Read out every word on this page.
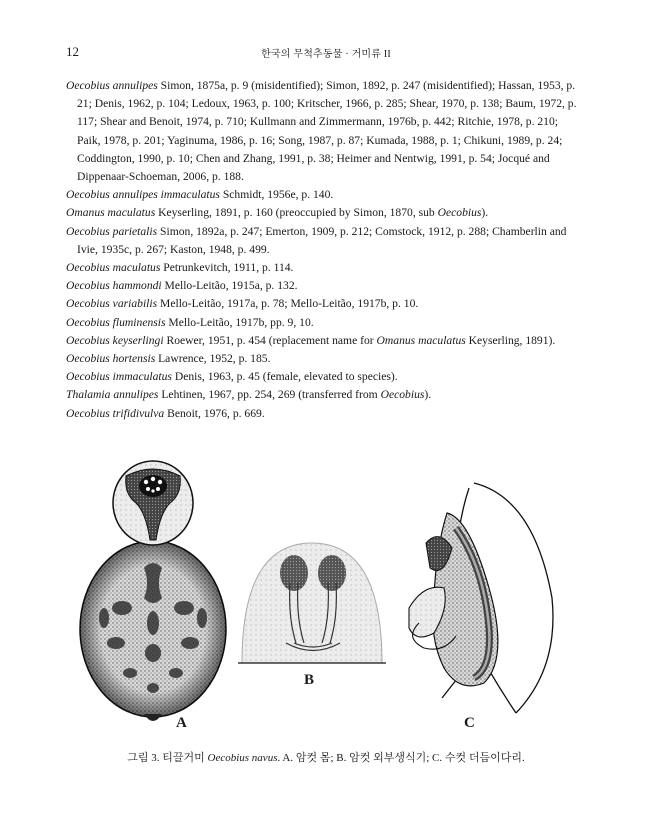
12	한국의 무척추동물 · 거미류 II
Oecobius annulipes Simon, 1875a, p. 9 (misidentified); Simon, 1892, p. 247 (misidentified); Hassan, 1953, p. 21; Denis, 1962, p. 104; Ledoux, 1963, p. 100; Kritscher, 1966, p. 285; Shear, 1970, p. 138; Baum, 1972, p. 117; Shear and Benoit, 1974, p. 710; Kullmann and Zimmermann, 1976b, p. 442; Ritchie, 1978, p. 210; Paik, 1978, p. 201; Yaginuma, 1986, p. 16; Song, 1987, p. 87; Kumada, 1988, p. 1; Chikuni, 1989, p. 24; Coddington, 1990, p. 10; Chen and Zhang, 1991, p. 38; Heimer and Nentwig, 1991, p. 54; Jocqué and Dippenaar-Schoeman, 2006, p. 188.
Oecobius annulipes immaculatus Schmidt, 1956e, p. 140.
Omanus maculatus Keyserling, 1891, p. 160 (preoccupied by Simon, 1870, sub Oecobius).
Oecobius parietalis Simon, 1892a, p. 247; Emerton, 1909, p. 212; Comstock, 1912, p. 288; Chamberlin and Ivie, 1935c, p. 267; Kaston, 1948, p. 499.
Oecobius maculatus Petrunkevitch, 1911, p. 114.
Oecobius hammondi Mello-Leitão, 1915a, p. 132.
Oecobius variabilis Mello-Leitão, 1917a, p. 78; Mello-Leitão, 1917b, p. 10.
Oecobius fluminensis Mello-Leitão, 1917b, pp. 9, 10.
Oecobius keyserlingi Roewer, 1951, p. 454 (replacement name for Omanus maculatus Keyserling, 1891).
Oecobius hortensis Lawrence, 1952, p. 185.
Oecobius immaculatus Denis, 1963, p. 45 (female, elevated to species).
Thalamia annulipes Lehtinen, 1967, pp. 254, 269 (transferred from Oecobius).
Oecobius trifidivulva Benoit, 1976, p. 669.
A
B
C
그림 3. 티끌거미 Oecobius navus. A. 암컷 몸; B. 암컷 외부생식기; C. 수컷 더듬이다리.
